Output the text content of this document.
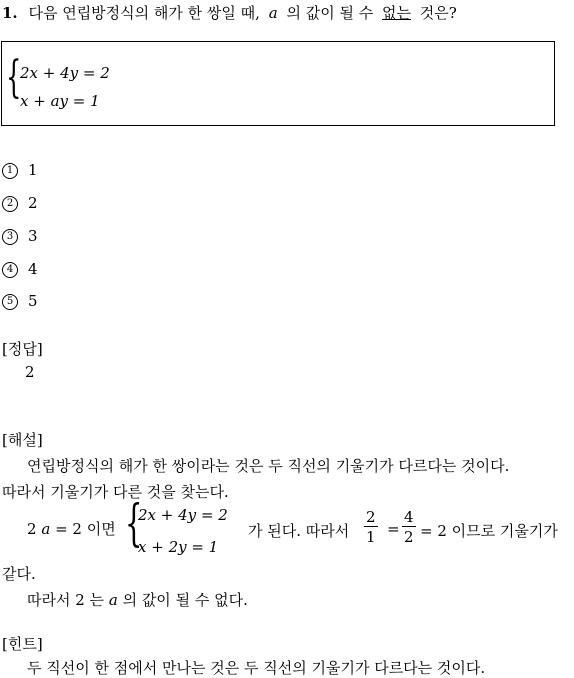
1. 다음 연립방정식의 해가 한 쌍일 때, a 의 값이 될 수 없는 것은?
{
2x + 4y = 2
x + ay = 1
1 1
2 2
3 3
4 4
5 5
[정답]
2
[해설]
연립방정식의 해가 한 쌍이라는 것은 두 직선의 기울기가 다르다는 것이다.
따라서 기울기가 다른 것을 찾는다.
2 a = 2 이면 {
2x + 4y = 2
x + 2y = 1
가 된다. 따라서 $\frac{2}{1} = \frac{4}{2} = 2$ 이므로 기울기가
같다.
따라서 2 는 a 의 값이 될 수 없다.
[힌트]
두 직선이 한 점에서 만나는 것은 두 직선의 기울기가 다르다는 것이다.
